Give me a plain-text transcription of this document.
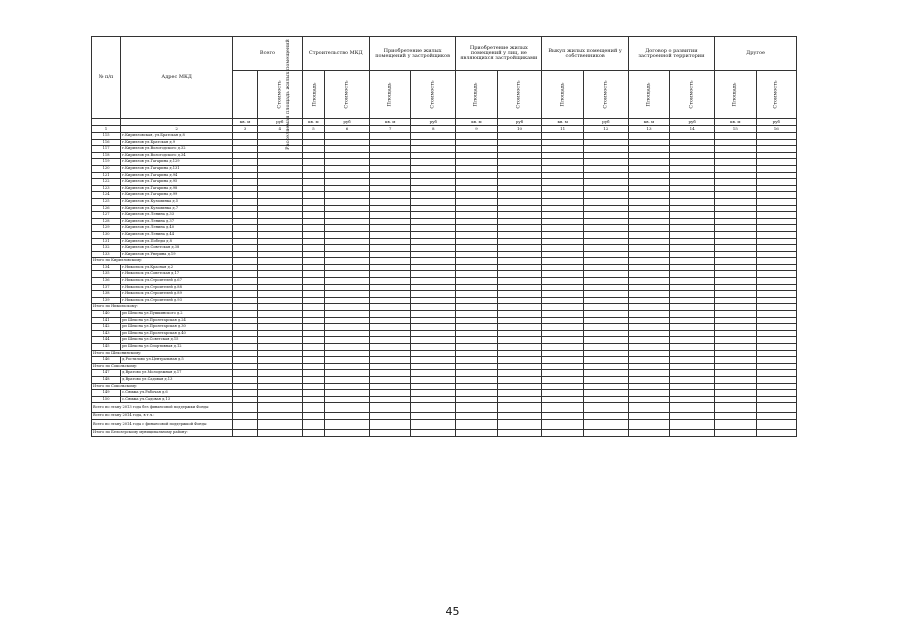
№ п/п	Адрес МКД	Всего		Строительство МКД		Приобретение жилых помещений у застройщиков		Приобретение жилых помещений у лиц, не являющихся застройщиками		Выкуп жилых помещений у собственников		Договор о развитии застроенной территории		Другое	
		Расселяемая площадь жилых помещений	Стоимость	Площадь	Стоимость	Площадь	Стоимость	Площадь	Стоимость	Площадь	Стоимость	Площадь	Стоимость	Площадь	Стоимость
		кв. м	руб	кв. м	руб	кв. м	руб	кв. м	руб	кв. м	руб	кв. м	руб	кв. м	руб
1	2	3	4	5	6	7	8	9	10	11	12	13	14	15	16
115	г.Кирилловская, ул.Братская д.8														
116	г.Кириллов ул.Братская д.9														
117	г.Кириллов ул.Вологодского д.32														
118	г.Кириллов ул.Вологодского д.34														
119	г.Кириллов ул.Гагарина д.129														
120	г.Кириллов ул.Гагарина д.131														
121	г.Кириллов ул.Гагарина д.94														
122	г.Кириллов ул.Гагарина д.95														
123	г.Кириллов ул.Гагарина д.98														
124	г.Кириллов ул.Гагарина д.99														
125	г.Кириллов ул.Кузьминка д.5														
126	г.Кириллов ул.Кузьминка д.7														
127	г.Кириллов ул.Ленина д.33														
128	г.Кириллов ул.Ленина д.37														
129	г.Кириллов ул.Ленина д.40														
130	г.Кириллов ул.Ленина д.44														
131	г.Кириллов ул.Победы д.8														
132	г.Кириллов ул.Советская д.38														
133	г.Кириллов ул.Уверина д.19														
Итого по Кирилловскому:															
134	г.Никольск ул.Красная д.2														
135	г.Никольск ул.Советская д.17														
136	г.Никольск ул.Строителей д.67														
137	г.Никольск ул.Строителей д.88														
138	г.Никольск ул.Строителей д.89														
139	г.Никольск ул.Строителей д.93														
Итого по Никольскому:															
140	рп Шексна ул.Пушкинского д.2														
141	рп Шексна ул.Пролетарская д.24														
142	рп Шексна ул.Пролетарская д.30														
143	рп Шексна ул.Пролетарская д.40														
144	рп Шексна ул.Советская д.15														
145	рп Шексна ул.Спортивная д.12														
Итого по Шекснинскому:															
146	д.Ростилово ул.Центральная д.5														
Итого по Сокольскому:															
147	д.Вратово ул.Молодежная д.17														
148	д.Вратово ул.Садовая д.13														
Итого по Сокольскому:															
149	с.Сямжа ул.Рабочая д.6														
150	с.Сямжа ул.Садовая д.13														
Всего по этапу 2013 года без финансовой поддержки Фонда:															
Всего по этапу 2014 года, в т.ч.:															
Всего по этапу 2014 года с финансовой поддержкой Фонда:															
Итого по Белозерскому муниципальному району:															
45
